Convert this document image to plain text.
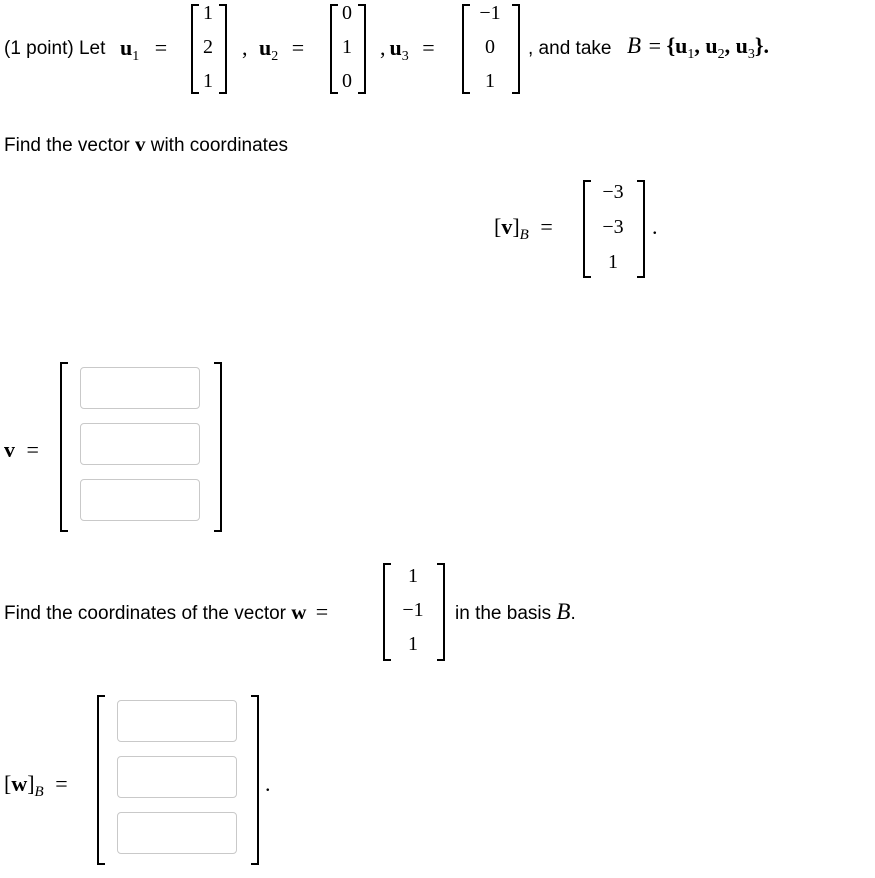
(1 point) Let $u_1$ =
1
2
1
, $u_2$ =
0
1
0
, $u_3$ =
−1
0
1
, and take $B = \{u_1$, $u_2$, $u_3$}.
Find the vector v with coordinates
$[v]_B$ =
−3
−3
1
.
v =
Find the coordinates of the vector w =
1
−1
1
in the basis B.
$[w]_B$ =	.
